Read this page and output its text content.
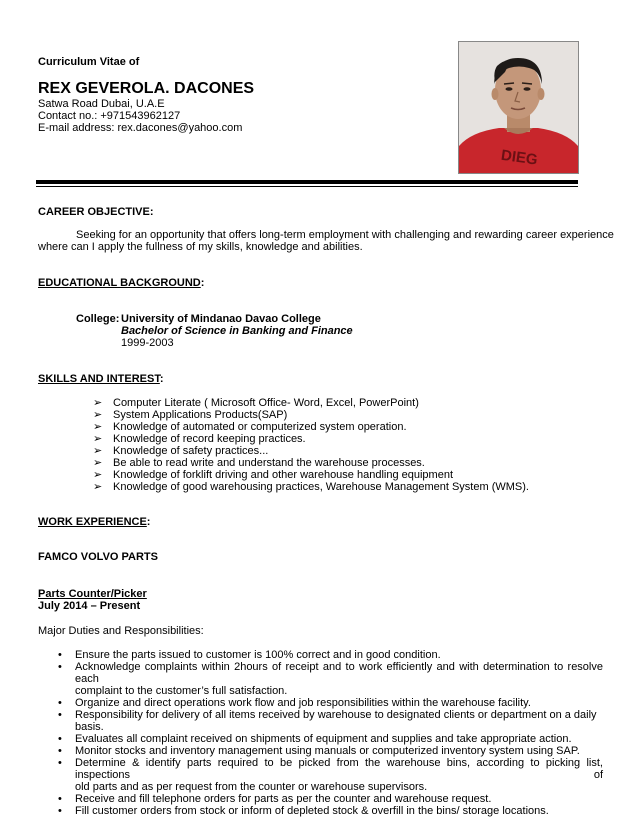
Curriculum Vitae of
REX GEVEROLA. DACONES
Satwa Road Dubai, U.A.E
Contact no.: +971543962127
E-mail address: rex.dacones@yahoo.com
DIEG
CAREER OBJECTIVE:
Seeking for an opportunity that offers long-term employment with challenging and rewarding career experience
where can I apply the fullness of my skills, knowledge and abilities.
EDUCATIONAL BACKGROUND:
College: University of Mindanao Davao College
Bachelor of Science in Banking and Finance
1999-2003
SKILLS AND INTEREST:
➢ Computer Literate ( Microsoft Office- Word, Excel, PowerPoint)
➢ System Applications Products(SAP)
➢ Knowledge of automated or computerized system operation.
➢ Knowledge of record keeping practices.
➢ Knowledge of safety practices...
➢ Be able to read write and understand the warehouse processes.
➢ Knowledge of forklift driving and other warehouse handling equipment
➢ Knowledge of good warehousing practices, Warehouse Management System (WMS).
WORK EXPERIENCE:
FAMCO VOLVO PARTS
Parts Counter/Picker
July 2014 – Present
Major Duties and Responsibilities:
• Ensure the parts issued to customer is 100% correct and in good condition.
• Acknowledge complaints within 2hours of receipt and to work efficiently and with determination to resolve each
complaint to the customer’s full satisfaction.
• Organize and direct operations work flow and job responsibilities within the warehouse facility.
• Responsibility for delivery of all items received by warehouse to designated clients or department on a daily basis.
• Evaluates all complaint received on shipments of equipment and supplies and take appropriate action.
• Monitor stocks and inventory management using manuals or computerized inventory system using SAP.
• Determine & identify parts required to be picked from the warehouse bins, according to picking list, inspections of
old parts and as per request from the counter or warehouse supervisors.
• Receive and fill telephone orders for parts as per the counter and warehouse request.
• Fill customer orders from stock or inform of depleted stock & overfill in the bins/ storage locations.
